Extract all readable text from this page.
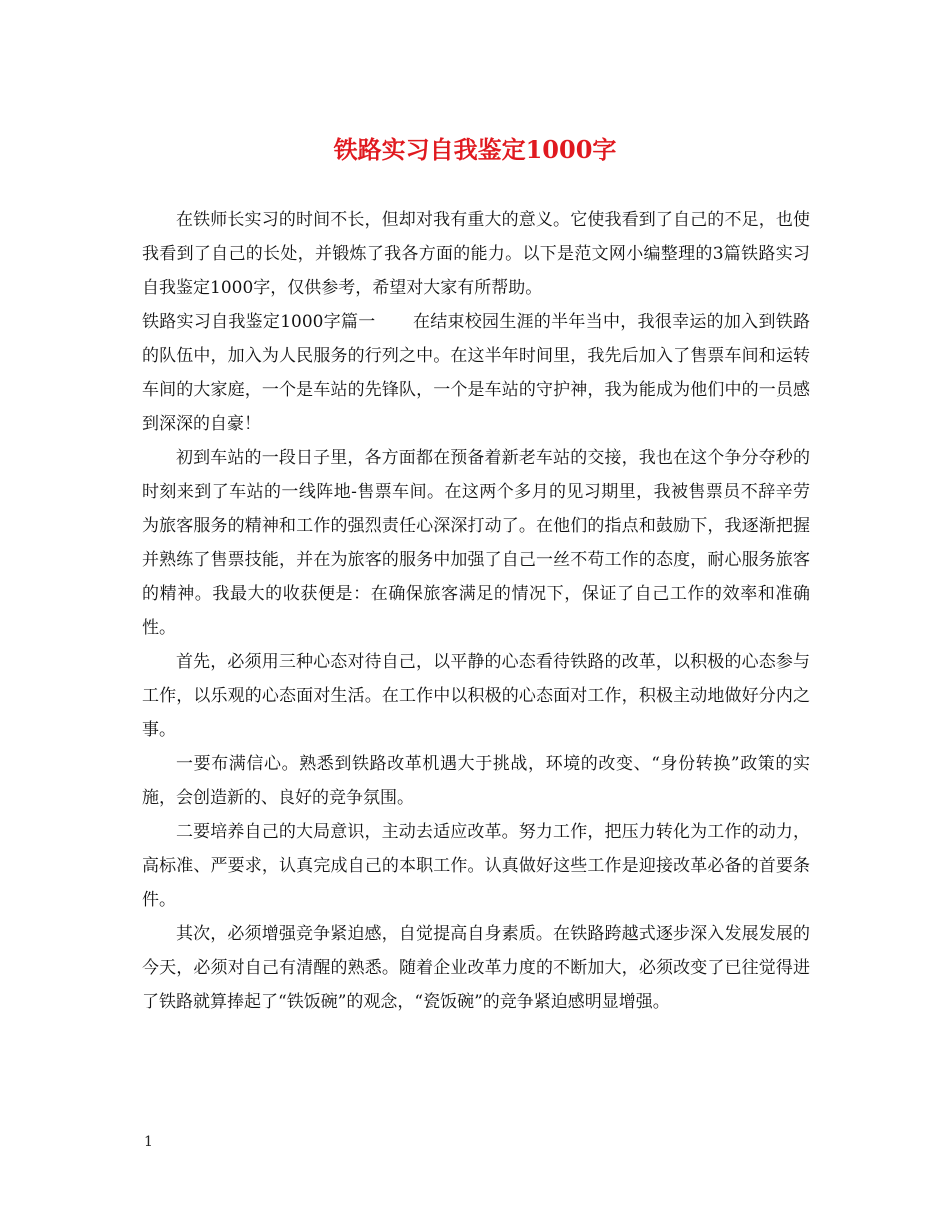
铁路实习自我鉴定1000字

在铁师长实习的时间不长，但却对我有重大的意义。它使我看到了自己的不足，也使我看到了自己的长处，并锻炼了我各方面的能力。以下是范文网小编整理的3篇铁路实习自我鉴定1000字，仅供参考，希望对大家有所帮助。

铁路实习自我鉴定1000字篇一 在结束校园生涯的半年当中，我很幸运的加入到铁路的队伍中，加入为人民服务的行列之中。在这半年时间里，我先后加入了售票车间和运转车间的大家庭，一个是车站的先锋队，一个是车站的守护神，我为能成为他们中的一员感到深深的自豪！

初到车站的一段日子里，各方面都在预备着新老车站的交接，我也在这个争分夺秒的时刻来到了车站的一线阵地-售票车间。在这两个多月的见习期里，我被售票员不辞辛劳为旅客服务的精神和工作的强烈责任心深深打动了。在他们的指点和鼓励下，我逐渐把握并熟练了售票技能，并在为旅客的服务中加强了自己一丝不苟工作的态度，耐心服务旅客的精神。我最大的收获便是：在确保旅客满足的情况下，保证了自己工作的效率和准确性。

首先，必须用三种心态对待自己，以平静的心态看待铁路的改革，以积极的心态参与工作，以乐观的心态面对生活。在工作中以积极的心态面对工作，积极主动地做好分内之事。

一要布满信心。熟悉到铁路改革机遇大于挑战，环境的改变、“身份转换”政策的实施，会创造新的、良好的竞争氛围。

二要培养自己的大局意识，主动去适应改革。努力工作，把压力转化为工作的动力，高标准、严要求，认真完成自己的本职工作。认真做好这些工作是迎接改革必备的首要条件。

其次，必须增强竞争紧迫感，自觉提高自身素质。在铁路跨越式逐步深入发展发展的今天，必须对自己有清醒的熟悉。随着企业改革力度的不断加大，必须改变了已往觉得进了铁路就算捧起了“铁饭碗”的观念，“瓷饭碗”的竞争紧迫感明显增强。

1
